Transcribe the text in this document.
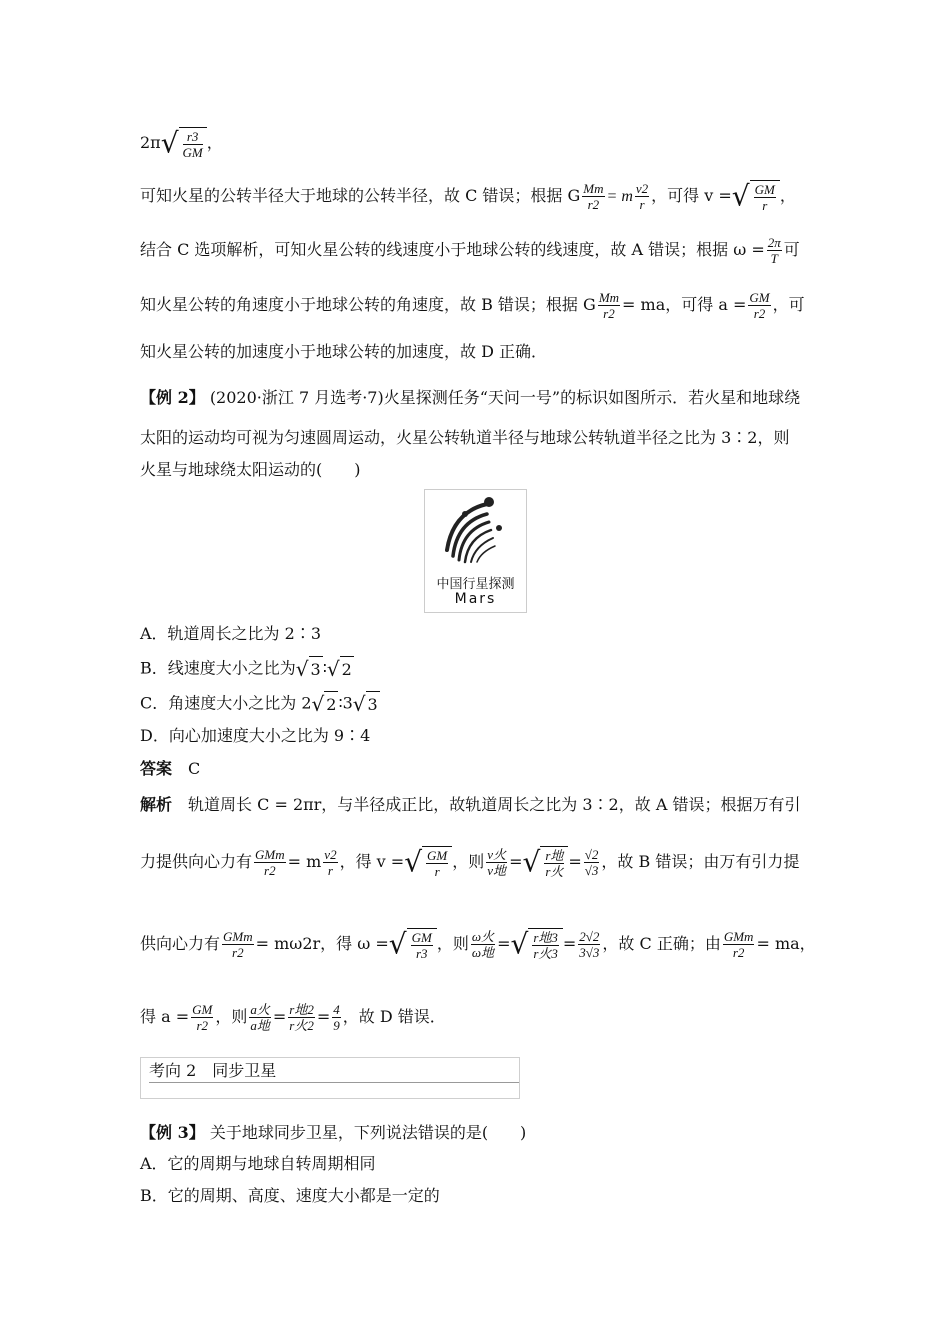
$2\pi√ \frac{r3}{GM}$ ，
可知火星的公转半径大于地球的公转半径，故 C 错误；根据 G $\frac{Mm}{r2} = m \frac{v2}{r}$ ，可得 v =√ $\frac{GM}{r}$ ，
结合 C 选项解析，可知火星公转的线速度小于地球公转的线速度，故 A 错误；根据 $\omega = \frac{2\pi}{T}$ 可
知火星公转的角速度小于地球公转的角速度，故 B 错误；根据 G $\frac{Mm}{r2}$ = ma，可得 $a = \frac{GM}{r2}$ ，可
知火星公转的加速度小于地球公转的加速度，故 D 正确．
【例 2】 (2020·浙江 7 月选考·7)火星探测任务“天问一号”的标识如图所示．若火星和地球绕
太阳的运动均可视为匀速圆周运动，火星公转轨道半径与地球公转轨道半径之比为 3∶2，则
火星与地球绕太阳运动的(　　)
中国行星探测
Mars
A．轨道周长之比为 2∶3
B．线速度大小之比为√ 3 ∶√ 2
C．角速度大小之比为 2√ 2 ∶3√ 3
D．向心加速度大小之比为 9∶4
答案　 C
解析　 轨道周长 C = 2πr，与半径成正比，故轨道周长之比为 3∶2，故 A 错误；根据万有引
力提供向心力有 $\frac{\text{GMm}}{r2} = m \frac{v2}{r}$ ，得 v =√ $\frac{GM}{r}$ ，则 $\frac{\text{v火}}{\text{v地}}$ =√ $\frac{\text{r地}}{\text{r火}} = \frac{√2}{√3}$ ，故 B 错误；由万有引力提
供向心力有 $\frac{\text{GMm}}{r2} = m\omega 2r$，得 ω =√ $\frac{GM}{r3}$ ，则 $\frac{\text{ω火}}{\text{ω地}}$ =√ $\frac{\text{r地3}}{\text{r火3}} = \frac{2√2}{3√3}$ ，故 C 正确；由 $\frac{\text{GMm}}{r2}$ = ma，
得 $a = \frac{GM}{r2}$ ，则 $\frac{\text{a火}}{\text{a地}} = \frac{\text{r地2}}{\text{r火2}} = \frac{4}{9}$ ，故 D 错误．
考向 2　同步卫星
【例 3】 关于地球同步卫星，下列说法错误的是(　　)
A．它的周期与地球自转周期相同
B．它的周期、高度、速度大小都是一定的
